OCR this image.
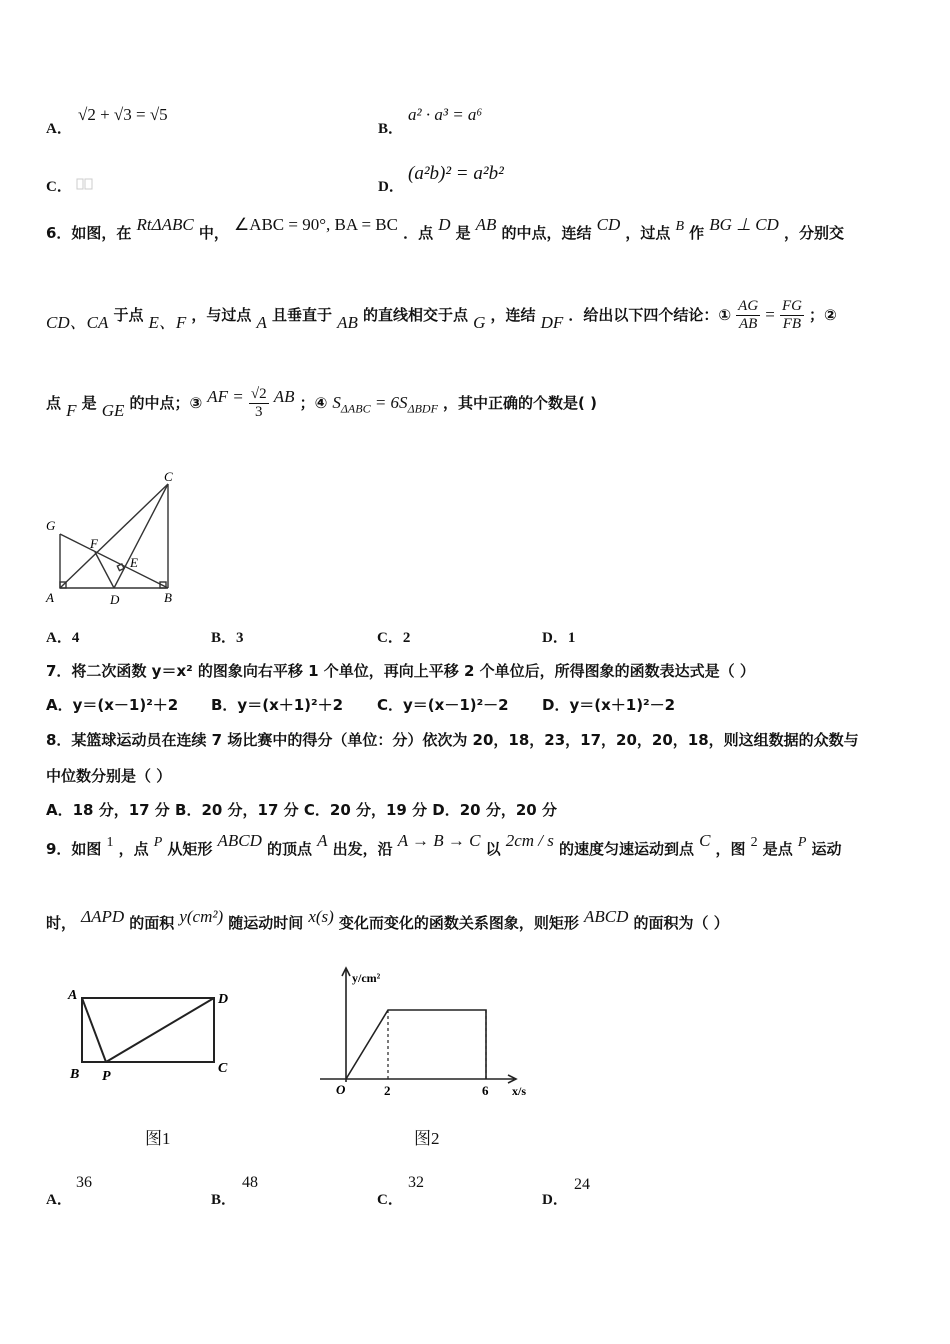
A．
√2 + √3 = √5
B．
a² · a³ = a⁶
C．	D．
(a²b)² = a²b²
6．如图，在 RtΔABC 中， ∠ABC = 90°, BA = BC ．点 D 是 AB 的中点，连结 CD ，过点 B 作 BG ⊥ CD ，分别交
CD、CA 于点 E、F ，与过点 A 且垂直于 AB 的直线相交于点 G ，连结 DF ．给出以下四个结论：① $\frac{AG}{AB} = \frac{FG}{FB}$ ；②
点 F 是 GE 的中点；③ AF = $\frac{√2}{3}$ AB ；④ $S_{\Delta ABC} = 6S_{\Delta BDF}$ ，其中正确的个数是( )
C
G
F
E
A	D	B
A．4	B．3	C．2	D．1
7．将二次函数 y＝x² 的图象向右平移 1 个单位，再向上平移 2 个单位后，所得图象的函数表达式是（ ）
A．y＝(x－1)²＋2 B．y＝(x＋1)²＋2 C．y＝(x－1)²－2 D．y＝(x＋1)²－2
8．某篮球运动员在连续 7 场比赛中的得分（单位：分）依次为 20，18，23，17，20，20，18，则这组数据的众数与
中位数分别是（ ）
A．18 分，17 分 B．20 分，17 分 C．20 分，19 分 D．20 分，20 分
9．如图 1 ，点 P 从矩形 ABCD 的顶点 A 出发，沿 A → B → C 以 2cm / s 的速度匀速运动到点 C ，图 2 是点 P 运动
时， ΔAPD 的面积 y(cm²) 随运动时间 x(s) 变化而变化的函数关系图象，则矩形 ABCD 的面积为（ ）
A	D
B P
C
图1
y/cm²
O	2	6 x/s
图2
A．
36
B．
48
C．
32
D．
24
